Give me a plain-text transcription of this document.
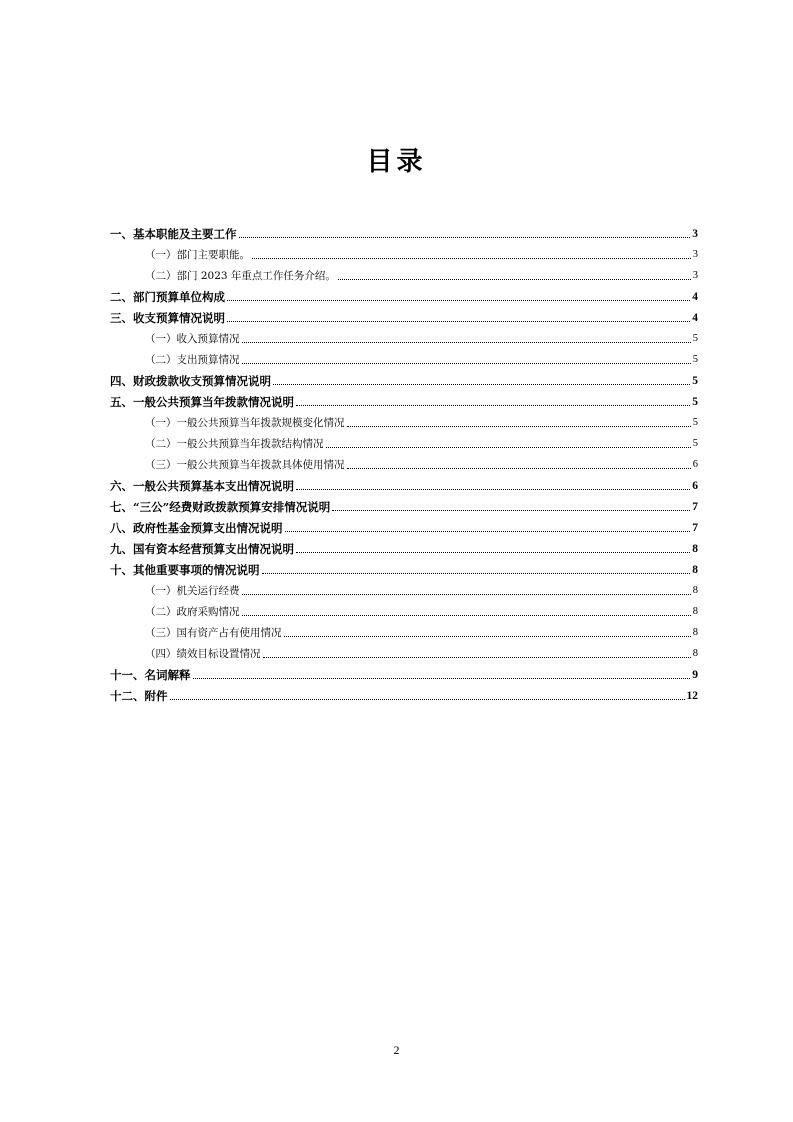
目录
一、基本职能及主要工作	3
（一）部门主要职能。	3
（二）部门 2023 年重点工作任务介绍。	3
二、部门预算单位构成	4
三、收支预算情况说明	4
（一）收入预算情况	5
（二）支出预算情况	5
四、财政拨款收支预算情况说明	5
五、一般公共预算当年拨款情况说明	5
（一）一般公共预算当年拨款规模变化情况	5
（二）一般公共预算当年拨款结构情况	5
（三）一般公共预算当年拨款具体使用情况	6
六、一般公共预算基本支出情况说明	6
七、“三公”经费财政拨款预算安排情况说明	7
八、政府性基金预算支出情况说明	7
九、国有资本经营预算支出情况说明	8
十、其他重要事项的情况说明	8
（一）机关运行经费	8
（二）政府采购情况	8
（三）国有资产占有使用情况	8
（四）绩效目标设置情况	8
十一、名词解释	9
十二、附件	12
2
